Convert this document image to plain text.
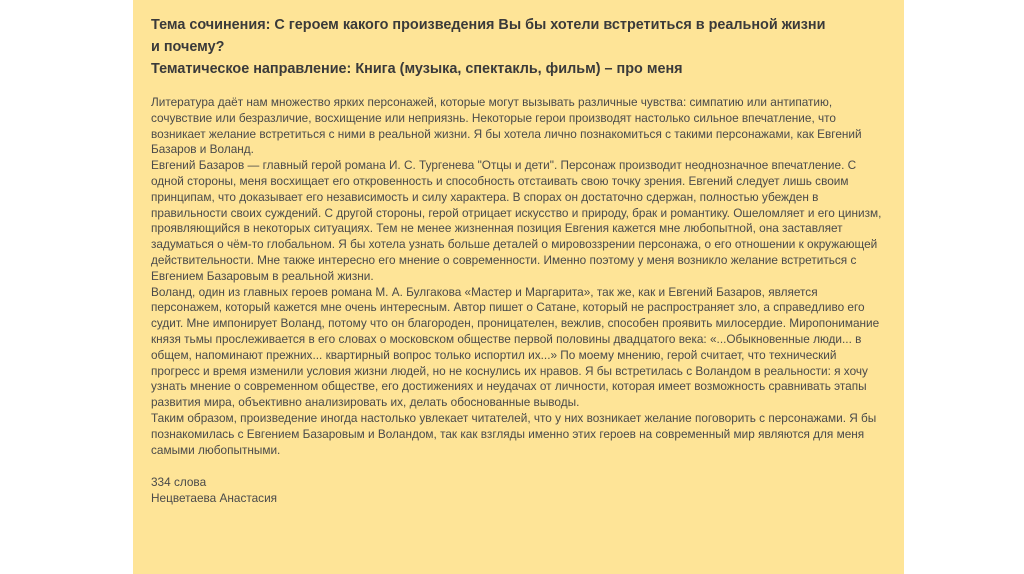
Тема сочинения: С героем какого произведения Вы бы хотели встретиться в реальной жизни
и почему?

Тематическое направление: Книга (музыка, спектакль, фильм) – про меня

Литература даёт нам множество ярких персонажей, которые могут вызывать различные чувства: симпатию или антипатию, сочувствие или безразличие, восхищение или неприязнь. Некоторые герои производят настолько сильное впечатление, что возникает желание встретиться с ними в реальной жизни. Я бы хотела лично познакомиться с такими персонажами, как Евгений Базаров и Воланд.

Евгений Базаров — главный герой романа И. С. Тургенева "Отцы и дети". Персонаж производит неоднозначное впечатление. С одной стороны, меня восхищает его откровенность и способность отстаивать свою точку зрения. Евгений следует лишь своим принципам, что доказывает его независимость и силу характера. В спорах он достаточно сдержан, полностью убежден в правильности своих суждений. С другой стороны, герой отрицает искусство и природу, брак и романтику. Ошеломляет и его цинизм, проявляющийся в некоторых ситуациях. Тем не менее жизненная позиция Евгения кажется мне любопытной, она заставляет задуматься о чём-то глобальном. Я бы хотела узнать больше деталей о мировоззрении персонажа, о его отношении к окружающей действительности. Мне также интересно его мнение о современности. Именно поэтому у меня возникло желание встретиться с Евгением Базаровым в реальной жизни.

Воланд, один из главных героев романа М. А. Булгакова «Мастер и Маргарита», так же, как и Евгений Базаров, является персонажем, который кажется мне очень интересным. Автор пишет о Сатане, который не распространяет зло, а справедливо его судит. Мне импонирует Воланд, потому что он благороден, проницателен, вежлив, способен проявить милосердие. Миропонимание князя тьмы прослеживается в его словах о московском обществе первой половины двадцатого века: «...Обыкновенные люди... в общем, напоминают прежних... квартирный вопрос только испортил их...» По моему мнению, герой считает, что технический прогресс и время изменили условия жизни людей, но не коснулись их нравов. Я бы встретилась с Воландом в реальности: я хочу узнать мнение о современном обществе, его достижениях и неудачах от личности, которая имеет возможность сравнивать этапы развития мира, объективно анализировать их, делать обоснованные выводы.

Таким образом, произведение иногда настолько увлекает читателей, что у них возникает желание поговорить с персонажами. Я бы познакомилась с Евгением Базаровым и Воландом, так как взгляды именно этих героев на современный мир являются для меня самыми любопытными.

334 слова

Нецветаева Анастасия
